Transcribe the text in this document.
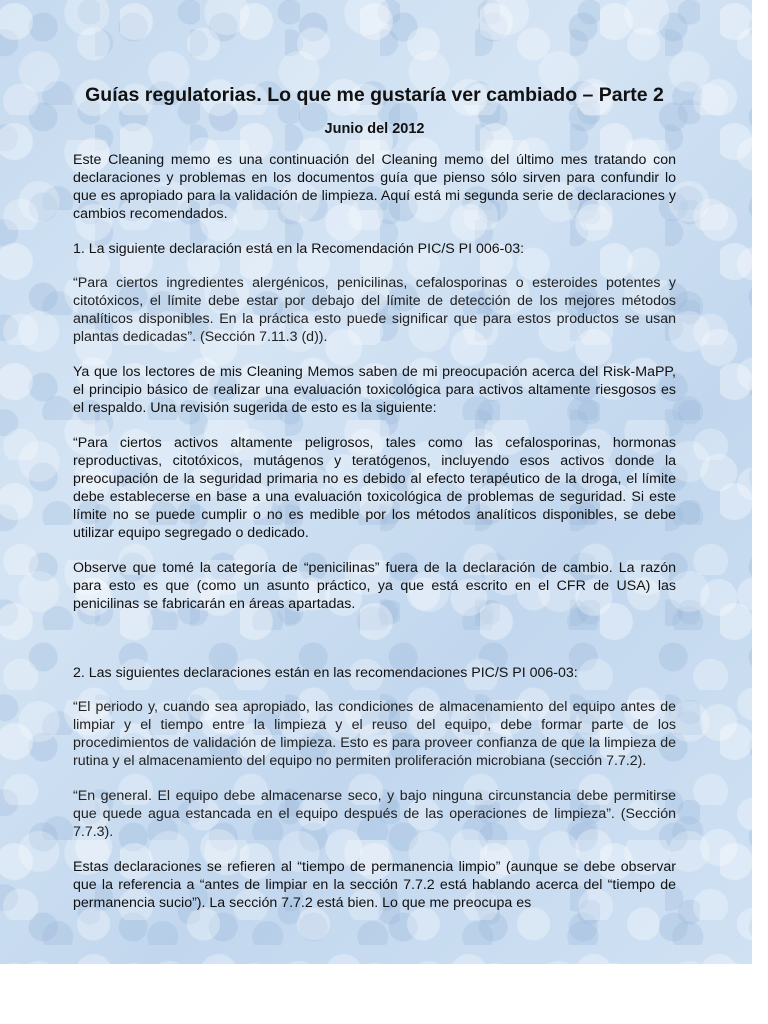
Guías regulatorias. Lo que me gustaría ver cambiado – Parte 2
Junio del 2012

Este Cleaning memo es una continuación del Cleaning memo del último mes tratando con declaraciones y problemas en los documentos guía que pienso sólo sirven para confundir lo que es apropiado para la validación de limpieza. Aquí está mi segunda serie de declaraciones y cambios recomendados.

1. La siguiente declaración está en la Recomendación PIC/S PI 006-03:

“Para ciertos ingredientes alergénicos, penicilinas, cefalosporinas o esteroides potentes y citotóxicos, el límite debe estar por debajo del límite de detección de los mejores métodos analíticos disponibles. En la práctica esto puede significar que para estos productos se usan plantas dedicadas”. (Sección 7.11.3 (d)).

Ya que los lectores de mis Cleaning Memos saben de mi preocupación acerca del Risk-MaPP, el principio básico de realizar una evaluación toxicológica para activos altamente riesgosos es el respaldo. Una revisión sugerida de esto es la siguiente:

“Para ciertos activos altamente peligrosos, tales como las cefalosporinas, hormonas reproductivas, citotóxicos, mutágenos y teratógenos, incluyendo esos activos donde la preocupación de la seguridad primaria no es debido al efecto terapéutico de la droga, el límite debe establecerse en base a una evaluación toxicológica de problemas de seguridad. Si este límite no se puede cumplir o no es medible por los métodos analíticos disponibles, se debe utilizar equipo segregado o dedicado.

Observe que tomé la categoría de “penicilinas” fuera de la declaración de cambio. La razón para esto es que (como un asunto práctico, ya que está escrito en el CFR de USA) las penicilinas se fabricarán en áreas apartadas.

2. Las siguientes declaraciones están en las recomendaciones PIC/S PI 006-03:

“El periodo y, cuando sea apropiado, las condiciones de almacenamiento del equipo antes de limpiar y el tiempo entre la limpieza y el reuso del equipo, debe formar parte de los procedimientos de validación de limpieza. Esto es para proveer confianza de que la limpieza de rutina y el almacenamiento del equipo no permiten proliferación microbiana (sección 7.7.2).

“En general. El equipo debe almacenarse seco, y bajo ninguna circunstancia debe permitirse que quede agua estancada en el equipo después de las operaciones de limpieza”. (Sección 7.7.3).

Estas declaraciones se refieren al “tiempo de permanencia limpio” (aunque se debe observar que la referencia a “antes de limpiar en la sección 7.7.2 está hablando acerca del “tiempo de permanencia sucio”). La sección 7.7.2 está bien. Lo que me preocupa es
